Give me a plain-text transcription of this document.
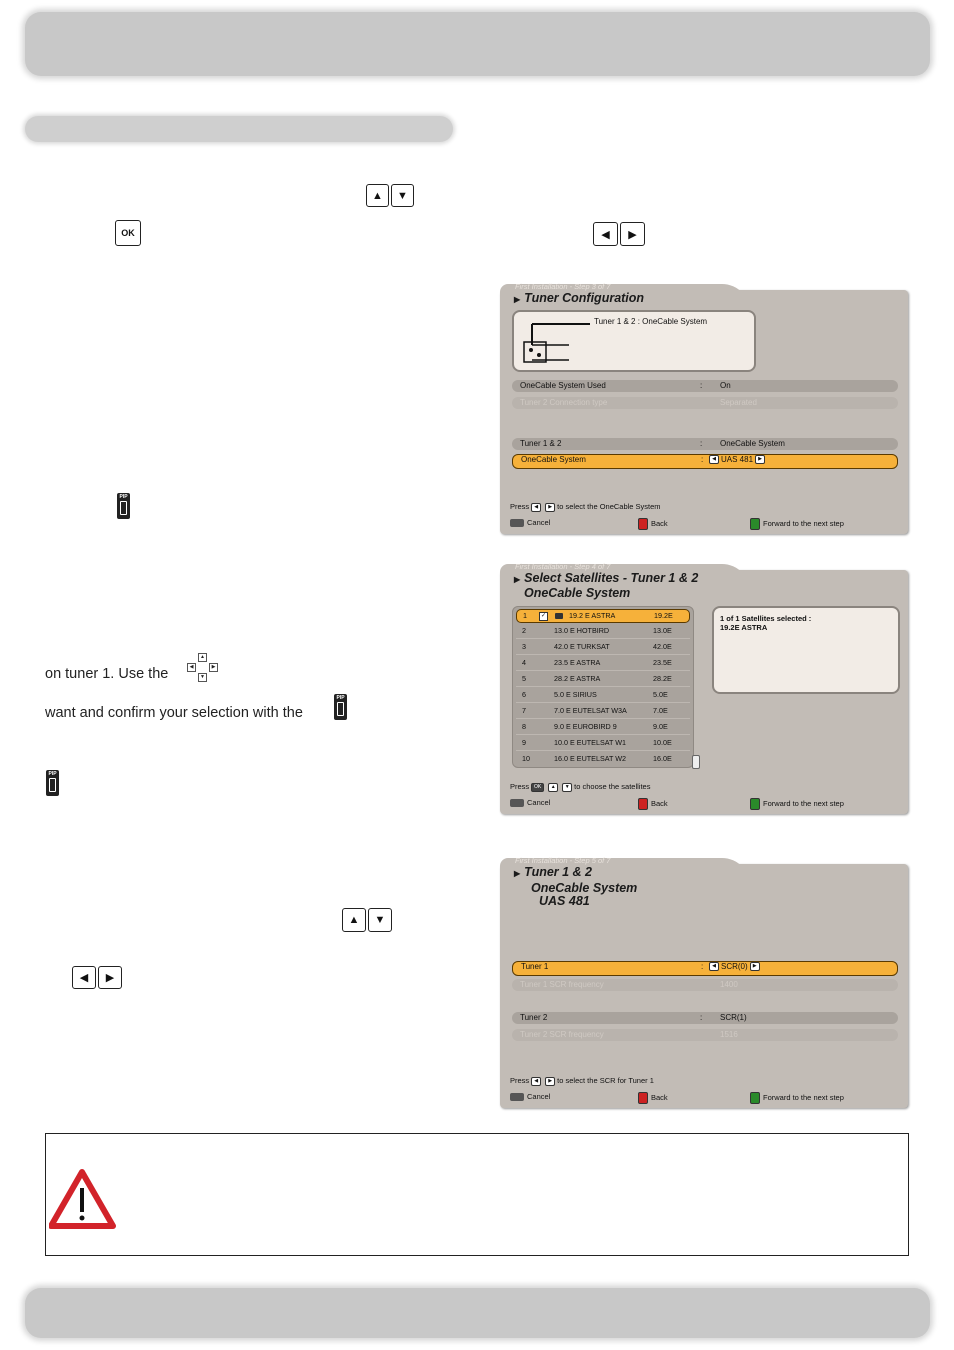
▲	▼
OK	◀	▶
PIP
on tuner 1. Use the
▲
◀	▶
▼
want and confirm your selection with the
PIP
PIP
▲	▼
◀	▶
First Installation - Step 3 of 7
▶ Tuner Configuration
Tuner 1 & 2 : OneCable System
OneCable System Used	: On
Tuner 2 Connection type	Separated
Tuner 1 & 2	: OneCable System
OneCable System	:	◀ UAS 481 ▶
Press ◀ ▶ to select the OneCable System
Cancel	Back	Forward to the next step
First Installation - Step 4 of 7
▶ Select Satellites - Tuner 1 & 2
OneCable System
1	✓	19.2 E ASTRA	19.2E
2	13.0 E HOTBIRD	13.0E
3	42.0 E TURKSAT	42.0E
4	23.5 E ASTRA	23.5E
5	28.2 E ASTRA	28.2E
6	5.0 E SIRIUS	5.0E
7	7.0 E EUTELSAT W3A	7.0E
8	9.0 E EUROBIRD 9	9.0E
9	10.0 E EUTELSAT W1	10.0E
10	16.0 E EUTELSAT W2	16.0E
1 of 1 Satellites selected :
19.2E ASTRA
Press OK ▲ ▼ to choose the satellites
Cancel	Back	Forward to the next step
First Installation - Step 5 of 7
▶ Tuner 1 & 2
OneCable System
UAS 481
Tuner 1	:	◀ SCR(0) ▶
Tuner 1 SCR frequency	1400
Tuner 2	: SCR(1)
Tuner 2 SCR frequency	1516
Press ◀ ▶ to select the SCR for Tuner 1
Cancel	Back	Forward to the next step
